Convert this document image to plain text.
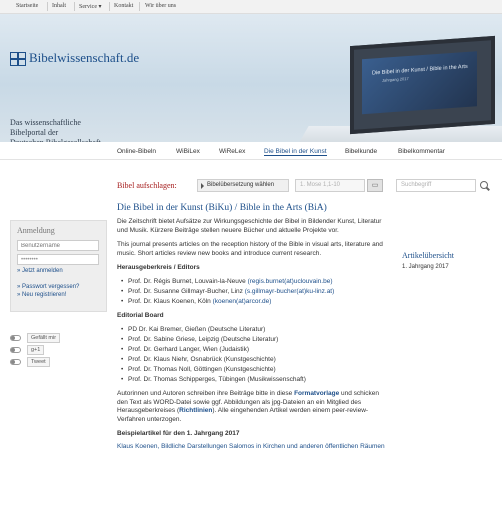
Startseite Inhalt Service ▾ Kontakt Wir über uns
Bibelwissenschaft.de
Das wissenschaftliche
Bibelportal der
Die Bibel in der Kunst / Bible in the Arts
Jahrgang 2017
Online-Bibeln	WiBiLex	WiReLex	Die Bibel in der Kunst	Bibelkunde	Bibelkommentar
Bibel aufschlagen:	Bibelübersetzung wählen	1. Mose 1,1-10	▭	Suchbegriff
Anmeldung
Benutzername
••••••••
» Jetzt anmelden
» Passwort vergessen?
» Neu registrieren!
Gefällt mir
g+1
Tweet
Die Bibel in der Kunst (BiKu) / Bible in the Arts (BiA)

Die Zeitschrift bietet Aufsätze zur Wirkungsgeschichte der Bibel in Bildender Kunst, Literatur und Musik. Kürzere Beiträge stellen neuere Bücher und aktuelle Projekte vor.

This journal presents articles on the reception history of the Bible in visual arts, literature and music. Short articles review new books and introduce current research.

Herausgeberkreis / Editors
• Prof. Dr. Régis Burnet, Louvain-la-Neuve (regis.burnet(at)uclouvain.be)
• Prof. Dr. Susanne Gillmayr-Bucher, Linz (s.gillmayr-bucher(at)ku-linz.at)
• Prof. Dr. Klaus Koenen, Köln (koenen(at)arcor.de)
Editorial Board
• PD Dr. Kai Bremer, Gießen (Deutsche Literatur)
• Prof. Dr. Sabine Griese, Leipzig (Deutsche Literatur)
• Prof. Dr. Gerhard Langer, Wien (Judaistik)
• Prof. Dr. Klaus Niehr, Osnabrück (Kunstgeschichte)
• Prof. Dr. Thomas Noll, Göttingen (Kunstgeschichte)
• Prof. Dr. Thomas Schipperges, Tübingen (Musikwissenschaft)

Autorinnen und Autoren schreiben ihre Beiträge bitte in diese Formatvorlage und schicken den Text als WORD-Datei sowie ggf. Abbildungen als jpg-Dateien an ein Mitglied des Herausgeberkreises (Richtlinien). Alle eingehenden Artikel werden einem peer-review-Verfahren unterzogen.

Beispielartikel für den 1. Jahrgang 2017
Klaus Koenen, Bildliche Darstellungen Salomos in Kirchen und anderen öffentlichen Räumen
Artikelübersicht
1. Jahrgang 2017
